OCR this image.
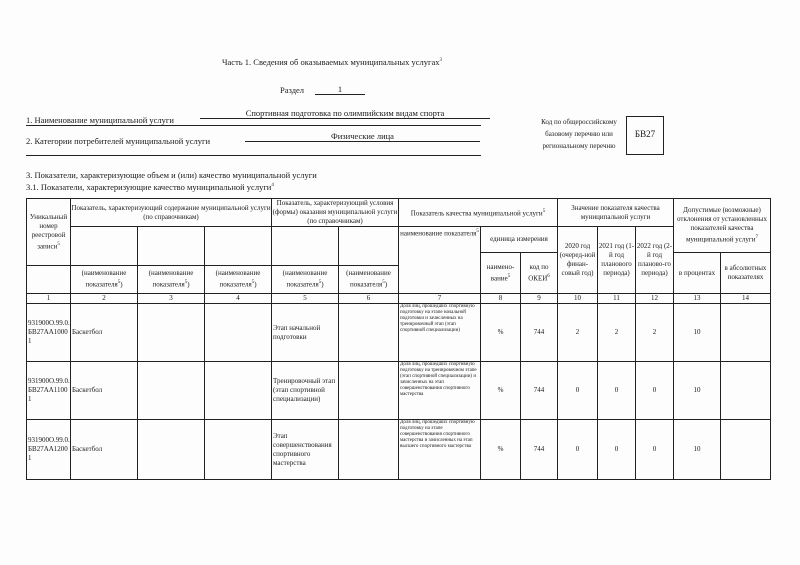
Часть 1. Сведения об оказываемых муниципальных услугах$^3$
Раздел	1
1. Наименование муниципальной услуги
Спортивная подготовка по олимпийским видам спорта
2. Категории потребителей муниципальной услуги	Физические лица
Код по общероссийскому базовому перечню или региональному перечню
БВ27
3. Показатели, характеризующие объем и (или) качество муниципальной услуги
3.1. Показатели, характеризующие качество муниципальной услуги$^4$
Уникальный номер реестровой записи$^5$	Показатель, характеризующий содержание муниципальной услуги (по справочникам)			Показатель, характеризующий условия (формы) оказания муниципальной услуги (по справочникам)		Показатель качества муниципальной услуги$^5$			Значение показателя качества муниципальной услуги			Допустимые (возможные) отклонения от установленных показателей качества муниципальной услуги$^7$
						наименование показателя$^5$	единица измерения		2020 год (очеред-ной финан-совый год)	2021 год (1-й год планового периода)	2022 год (2-й год планово-го периода)		
							наимено-вание$^5$	код по ОКЕИ$^6$				в процентах	в абсолютных показателях
	(наименование показателя$^5$)	(наименование показателя$^5$)	(наименование показателя$^5$)	(наименование показателя$^5$)	(наименование показателя$^5$)								
1	2	3	4	5	6	7	8	9	10	11	12	13	14
931900О.99.0.БВ27АА10001	Баскетбол			Этап начальной подготовки		Доля лиц, прошедших спортивную подготовку на этапе начальной подготовки и зачисленных на тренировочный этап (этап спортивной специализации)	%	744	2	2	2	10	
931900О.99.0.БВ27АА11001	Баскетбол			Тренировочный этап (этап спортивной специализации)		Доля лиц, прошедших спортивную подготовку на тренировочном этапе (этап спортивной специализации) и зачисленных на этап совершенствования спортивного мастерства	%	744	0	0	0	10	
931900О.99.0.БВ27АА12001	Баскетбол			Этап совершенствования спортивного мастерства		Доля лиц, прошедших спортивную подготовку на этапе совершенствования спортивного мастерства и зачисленных на этап высшего спортивного мастерства	%	744	0	0	0	10	
